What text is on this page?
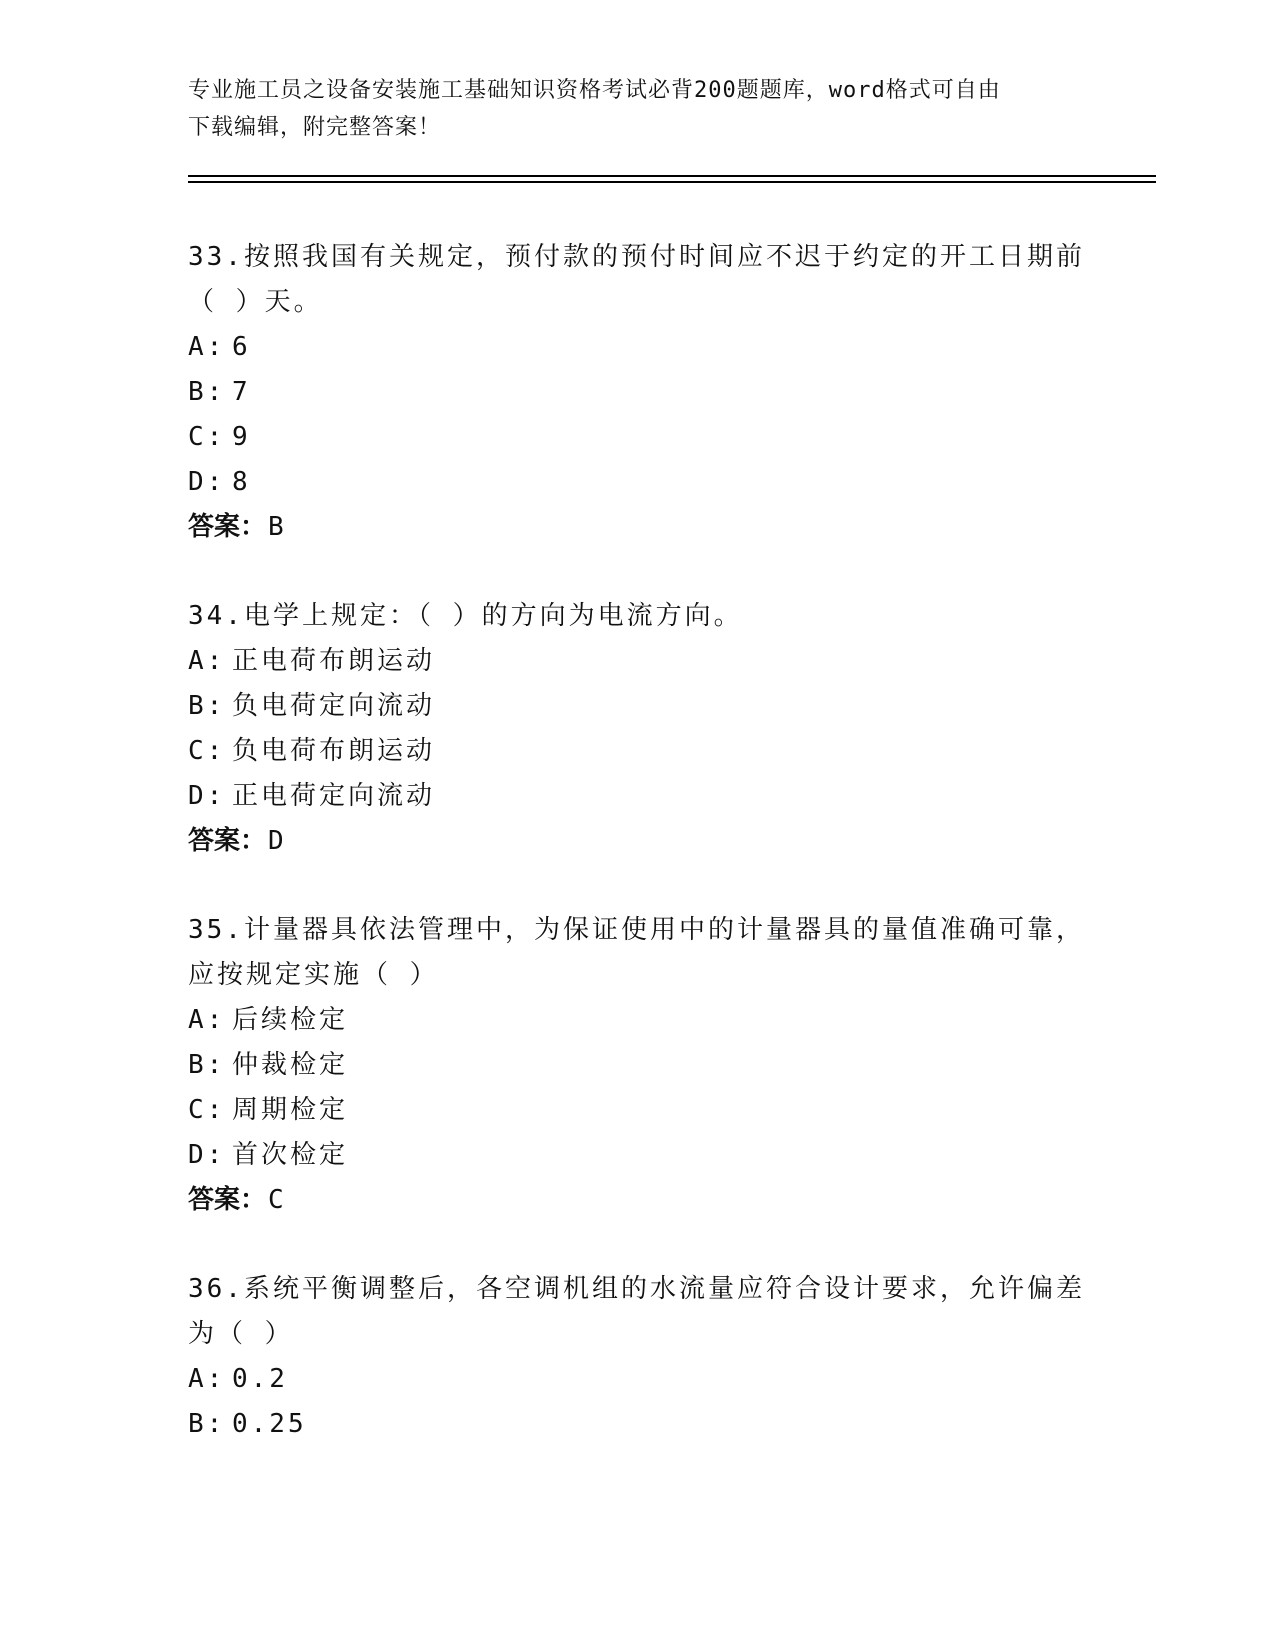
专业施工员之设备安装施工基础知识资格考试必背200题题库，word格式可自由
下载编辑，附完整答案！
33.按照我国有关规定，预付款的预付时间应不迟于约定的开工日期前
（ ）天。
A: 6
B: 7
C: 9
D: 8
答案：B
34.电学上规定：（ ）的方向为电流方向。
A: 正电荷布朗运动
B: 负电荷定向流动
C: 负电荷布朗运动
D: 正电荷定向流动
答案：D
35.计量器具依法管理中，为保证使用中的计量器具的量值准确可靠，
应按规定实施（ ）
A: 后续检定
B: 仲裁检定
C: 周期检定
D: 首次检定
答案：C
36.系统平衡调整后，各空调机组的水流量应符合设计要求，允许偏差
为（ ）
A: 0.2
B: 0.25
